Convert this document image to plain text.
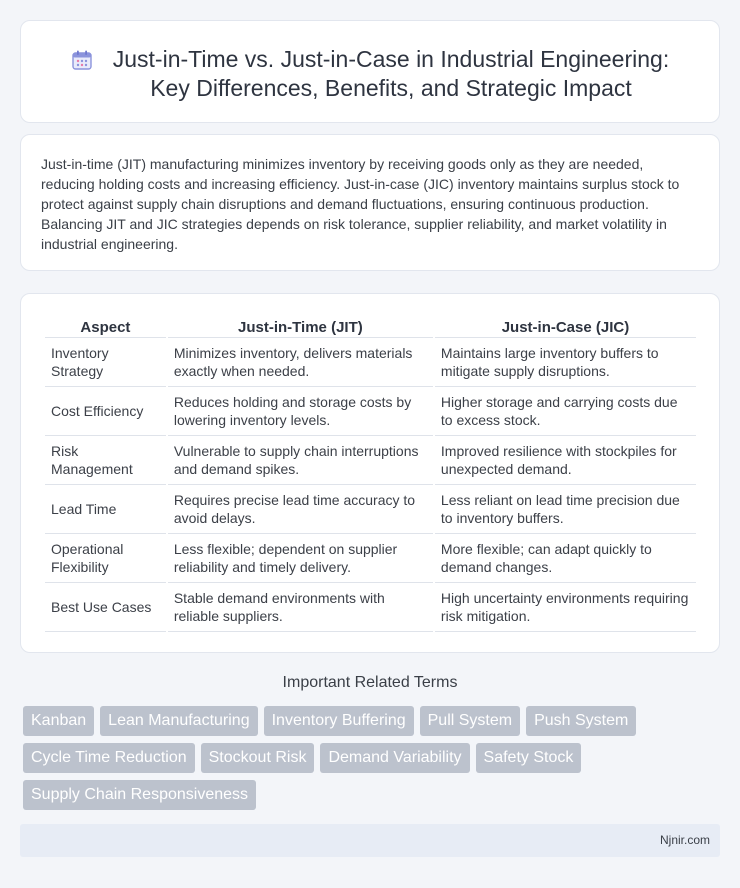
Just-in-Time vs. Just-in-Case in Industrial Engineering:
Key Differences, Benefits, and Strategic Impact

Just-in-time (JIT) manufacturing minimizes inventory by receiving goods only as they are needed, reducing holding costs and increasing efficiency. Just-in-case (JIC) inventory maintains surplus stock to protect against supply chain disruptions and demand fluctuations, ensuring continuous production. Balancing JIT and JIC strategies depends on risk tolerance, supplier reliability, and market volatility in industrial engineering.

Aspect	Just-in-Time (JIT)	Just-in-Case (JIC)
Inventory Strategy	Minimizes inventory, delivers materials exactly when needed.	Maintains large inventory buffers to mitigate supply disruptions.
Cost Efficiency	Reduces holding and storage costs by lowering inventory levels.	Higher storage and carrying costs due to excess stock.
Risk Management	Vulnerable to supply chain interruptions and demand spikes.	Improved resilience with stockpiles for unexpected demand.
Lead Time	Requires precise lead time accuracy to avoid delays.	Less reliant on lead time precision due to inventory buffers.
Operational Flexibility	Less flexible; dependent on supplier reliability and timely delivery.	More flexible; can adapt quickly to demand changes.
Best Use Cases	Stable demand environments with reliable suppliers.	High uncertainty environments requiring risk mitigation.
Important Related Terms
Kanban	Lean Manufacturing	Inventory Buffering	Pull System	Push System
Cycle Time Reduction	Stockout Risk	Demand Variability	Safety Stock
Supply Chain Responsiveness
Njnir.com
